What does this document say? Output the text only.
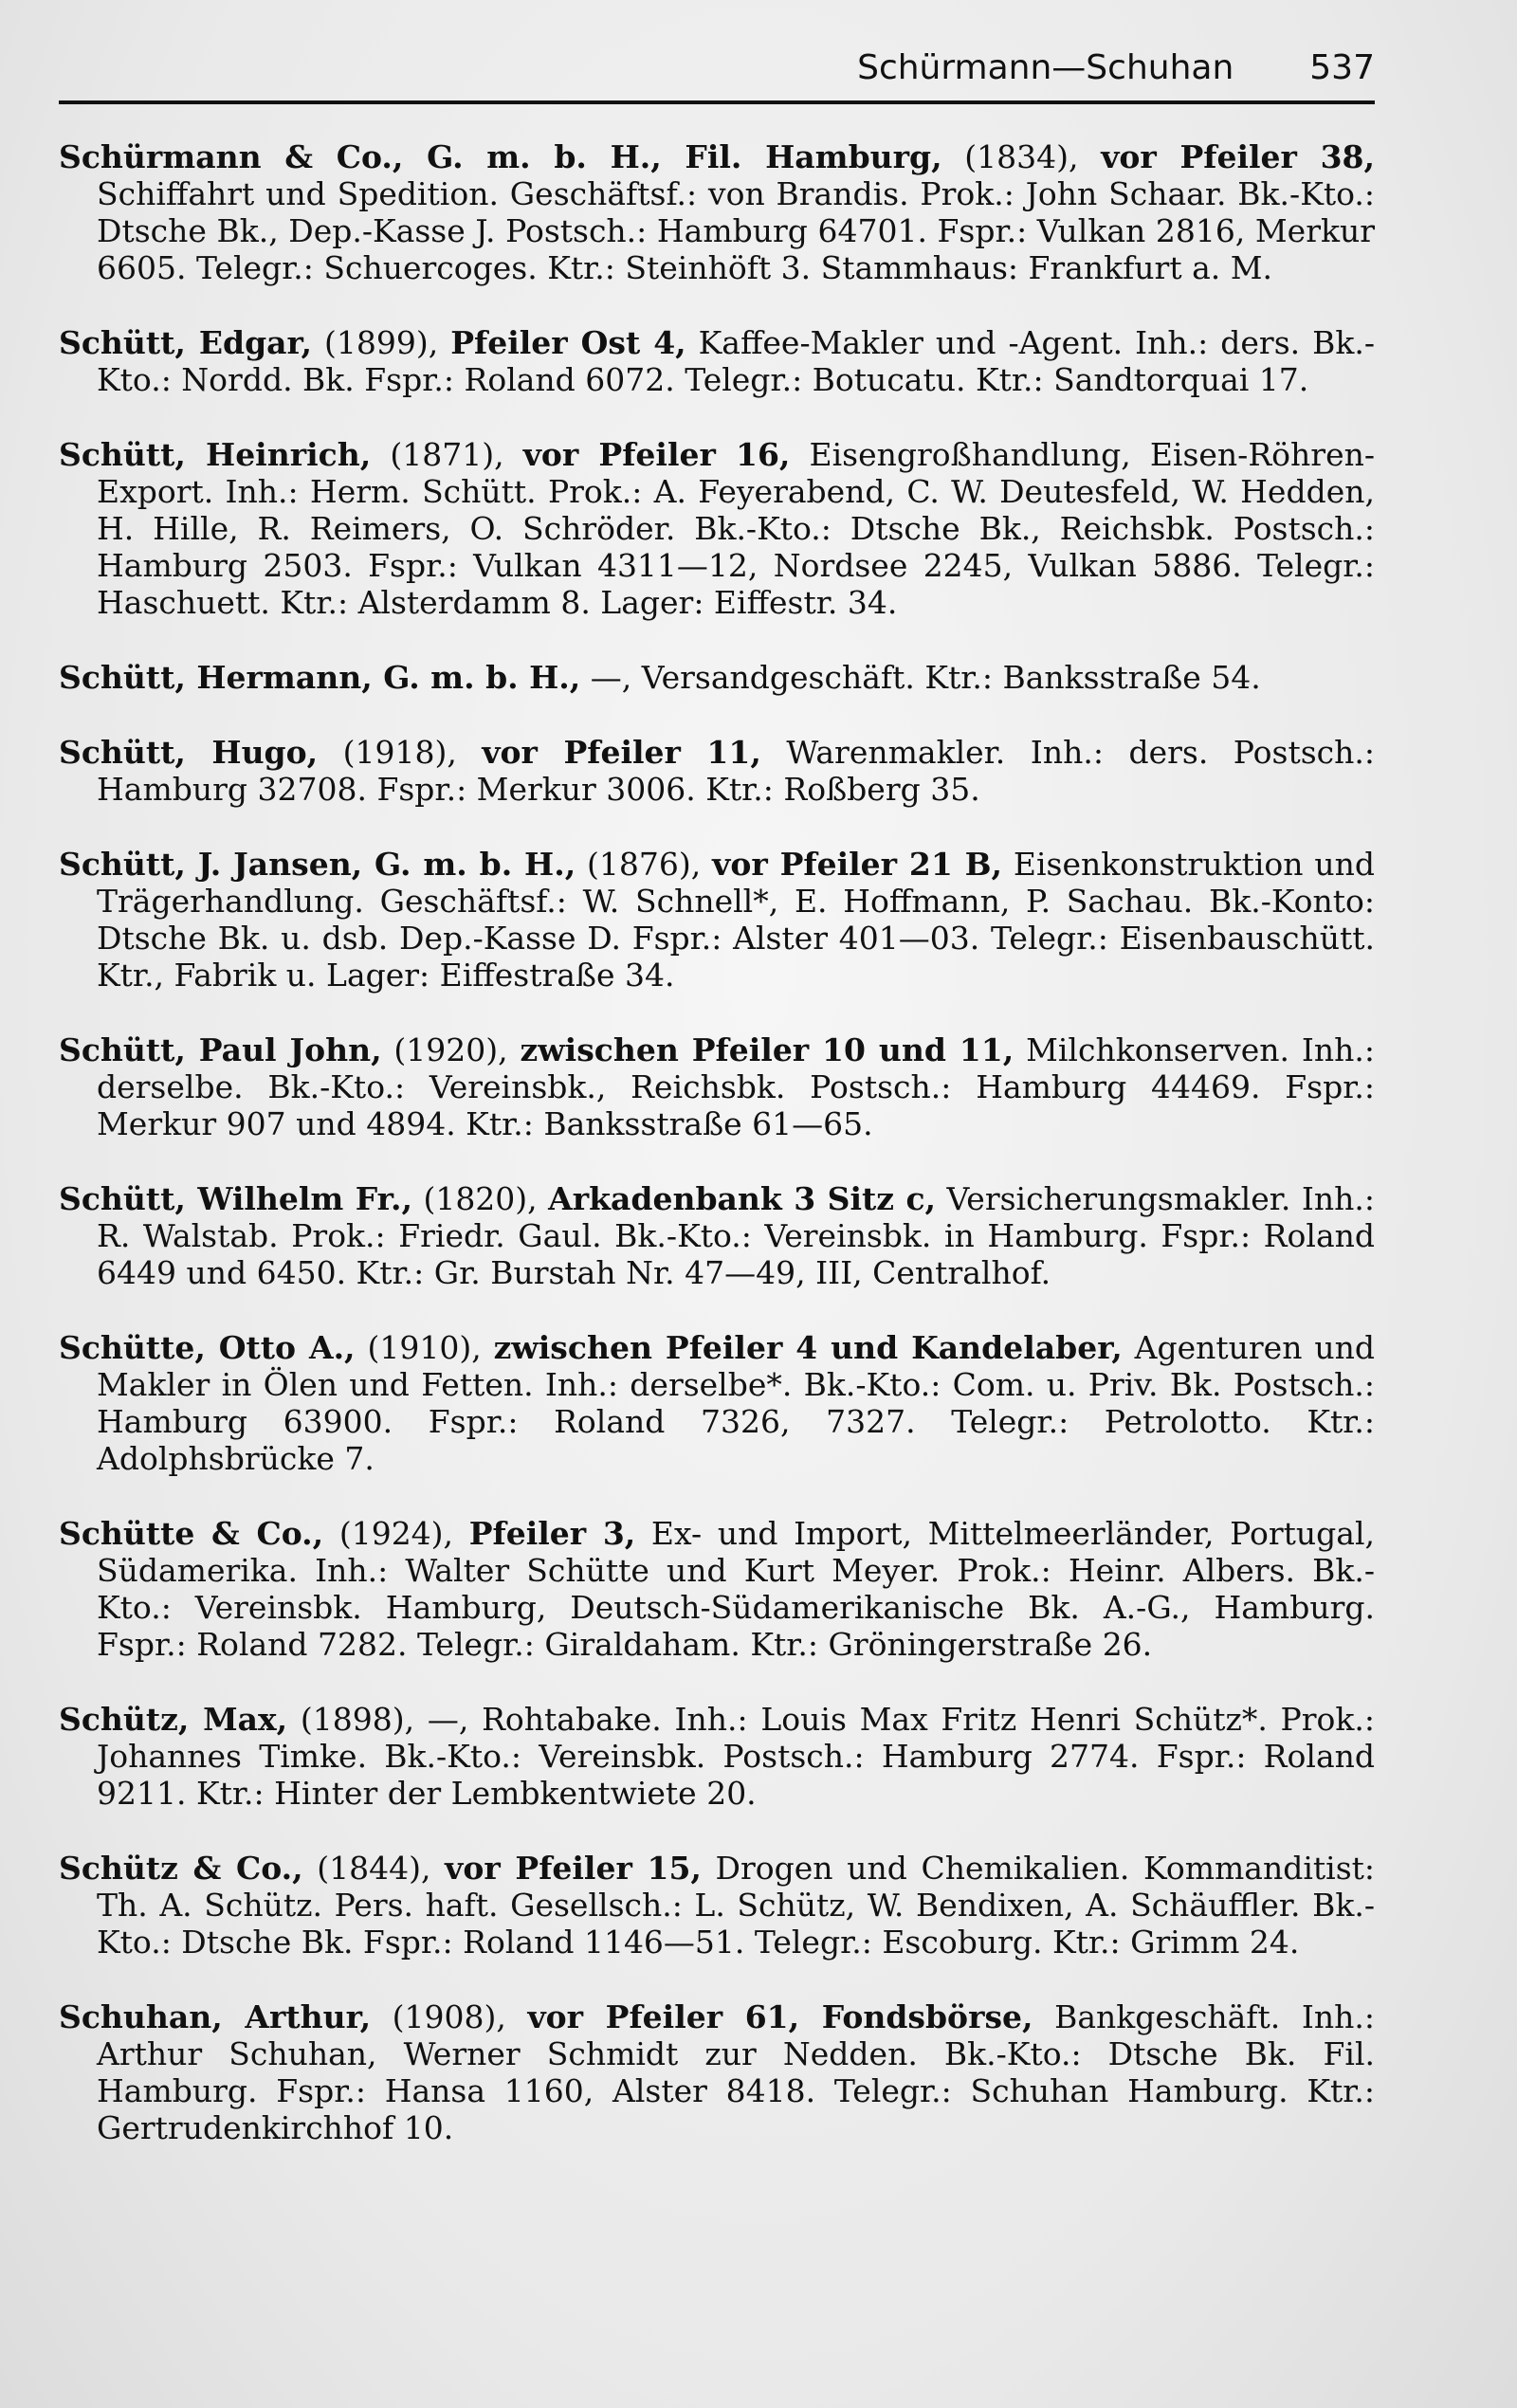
Schürmann—Schuhan 537

Schürmann & Co., G. m. b. H., Fil. Hamburg, (1834), vor Pfeiler 38, Schiffahrt und Spedition. Geschäftsf.: von Brandis. Prok.: John Schaar. Bk.-Kto.: Dtsche Bk., Dep.-Kasse J. Postsch.: Hamburg 64701. Fspr.: Vulkan 2816, Merkur 6605. Telegr.: Schuercoges. Ktr.: Steinhöft 3. Stammhaus: Frankfurt a. M.

Schütt, Edgar, (1899), Pfeiler Ost 4, Kaffee-Makler und -Agent. Inh.: ders. Bk.-Kto.: Nordd. Bk. Fspr.: Roland 6072. Telegr.: Botucatu. Ktr.: Sandtorquai 17.

Schütt, Heinrich, (1871), vor Pfeiler 16, Eisengroßhandlung, Eisen-Röhren-Export. Inh.: Herm. Schütt. Prok.: A. Feyerabend, C. W. Deutesfeld, W. Hedden, H. Hille, R. Reimers, O. Schröder. Bk.-Kto.: Dtsche Bk., Reichsbk. Postsch.: Hamburg 2503. Fspr.: Vulkan 4311—12, Nordsee 2245, Vulkan 5886. Telegr.: Haschuett. Ktr.: Alsterdamm 8. Lager: Eiffestr. 34.

Schütt, Hermann, G. m. b. H., —, Versandgeschäft. Ktr.: Banksstraße 54.

Schütt, Hugo, (1918), vor Pfeiler 11, Warenmakler. Inh.: ders. Postsch.: Hamburg 32708. Fspr.: Merkur 3006. Ktr.: Roßberg 35.

Schütt, J. Jansen, G. m. b. H., (1876), vor Pfeiler 21 B, Eisenkonstruktion und Trägerhandlung. Geschäftsf.: W. Schnell*, E. Hoffmann, P. Sachau. Bk.-Konto: Dtsche Bk. u. dsb. Dep.-Kasse D. Fspr.: Alster 401—03. Telegr.: Eisenbauschütt. Ktr., Fabrik u. Lager: Eiffestraße 34.

Schütt, Paul John, (1920), zwischen Pfeiler 10 und 11, Milchkonserven. Inh.: derselbe. Bk.-Kto.: Vereinsbk., Reichsbk. Postsch.: Hamburg 44469. Fspr.: Merkur 907 und 4894. Ktr.: Banksstraße 61—65.

Schütt, Wilhelm Fr., (1820), Arkadenbank 3 Sitz c, Versicherungsmakler. Inh.: R. Walstab. Prok.: Friedr. Gaul. Bk.-Kto.: Vereinsbk. in Hamburg. Fspr.: Roland 6449 und 6450. Ktr.: Gr. Burstah Nr. 47—49, III, Centralhof.

Schütte, Otto A., (1910), zwischen Pfeiler 4 und Kandelaber, Agenturen und Makler in Ölen und Fetten. Inh.: derselbe*. Bk.-Kto.: Com. u. Priv. Bk. Postsch.: Hamburg 63900. Fspr.: Roland 7326, 7327. Telegr.: Petrolotto. Ktr.: Adolphsbrücke 7.

Schütte & Co., (1924), Pfeiler 3, Ex- und Import, Mittelmeerländer, Portugal, Südamerika. Inh.: Walter Schütte und Kurt Meyer. Prok.: Heinr. Albers. Bk.-Kto.: Vereinsbk. Hamburg, Deutsch-Südamerikanische Bk. A.-G., Hamburg. Fspr.: Roland 7282. Telegr.: Giraldaham. Ktr.: Gröningerstraße 26.

Schütz, Max, (1898), —, Rohtabake. Inh.: Louis Max Fritz Henri Schütz*. Prok.: Johannes Timke. Bk.-Kto.: Vereinsbk. Postsch.: Hamburg 2774. Fspr.: Roland 9211. Ktr.: Hinter der Lembkentwiete 20.

Schütz & Co., (1844), vor Pfeiler 15, Drogen und Chemikalien. Kommanditist: Th. A. Schütz. Pers. haft. Gesellsch.: L. Schütz, W. Bendixen, A. Schäuffler. Bk.-Kto.: Dtsche Bk. Fspr.: Roland 1146—51. Telegr.: Escoburg. Ktr.: Grimm 24.

Schuhan, Arthur, (1908), vor Pfeiler 61, Fondsbörse, Bankgeschäft. Inh.: Arthur Schuhan, Werner Schmidt zur Nedden. Bk.-Kto.: Dtsche Bk. Fil. Hamburg. Fspr.: Hansa 1160, Alster 8418. Telegr.: Schuhan Hamburg. Ktr.: Gertrudenkirchhof 10.
